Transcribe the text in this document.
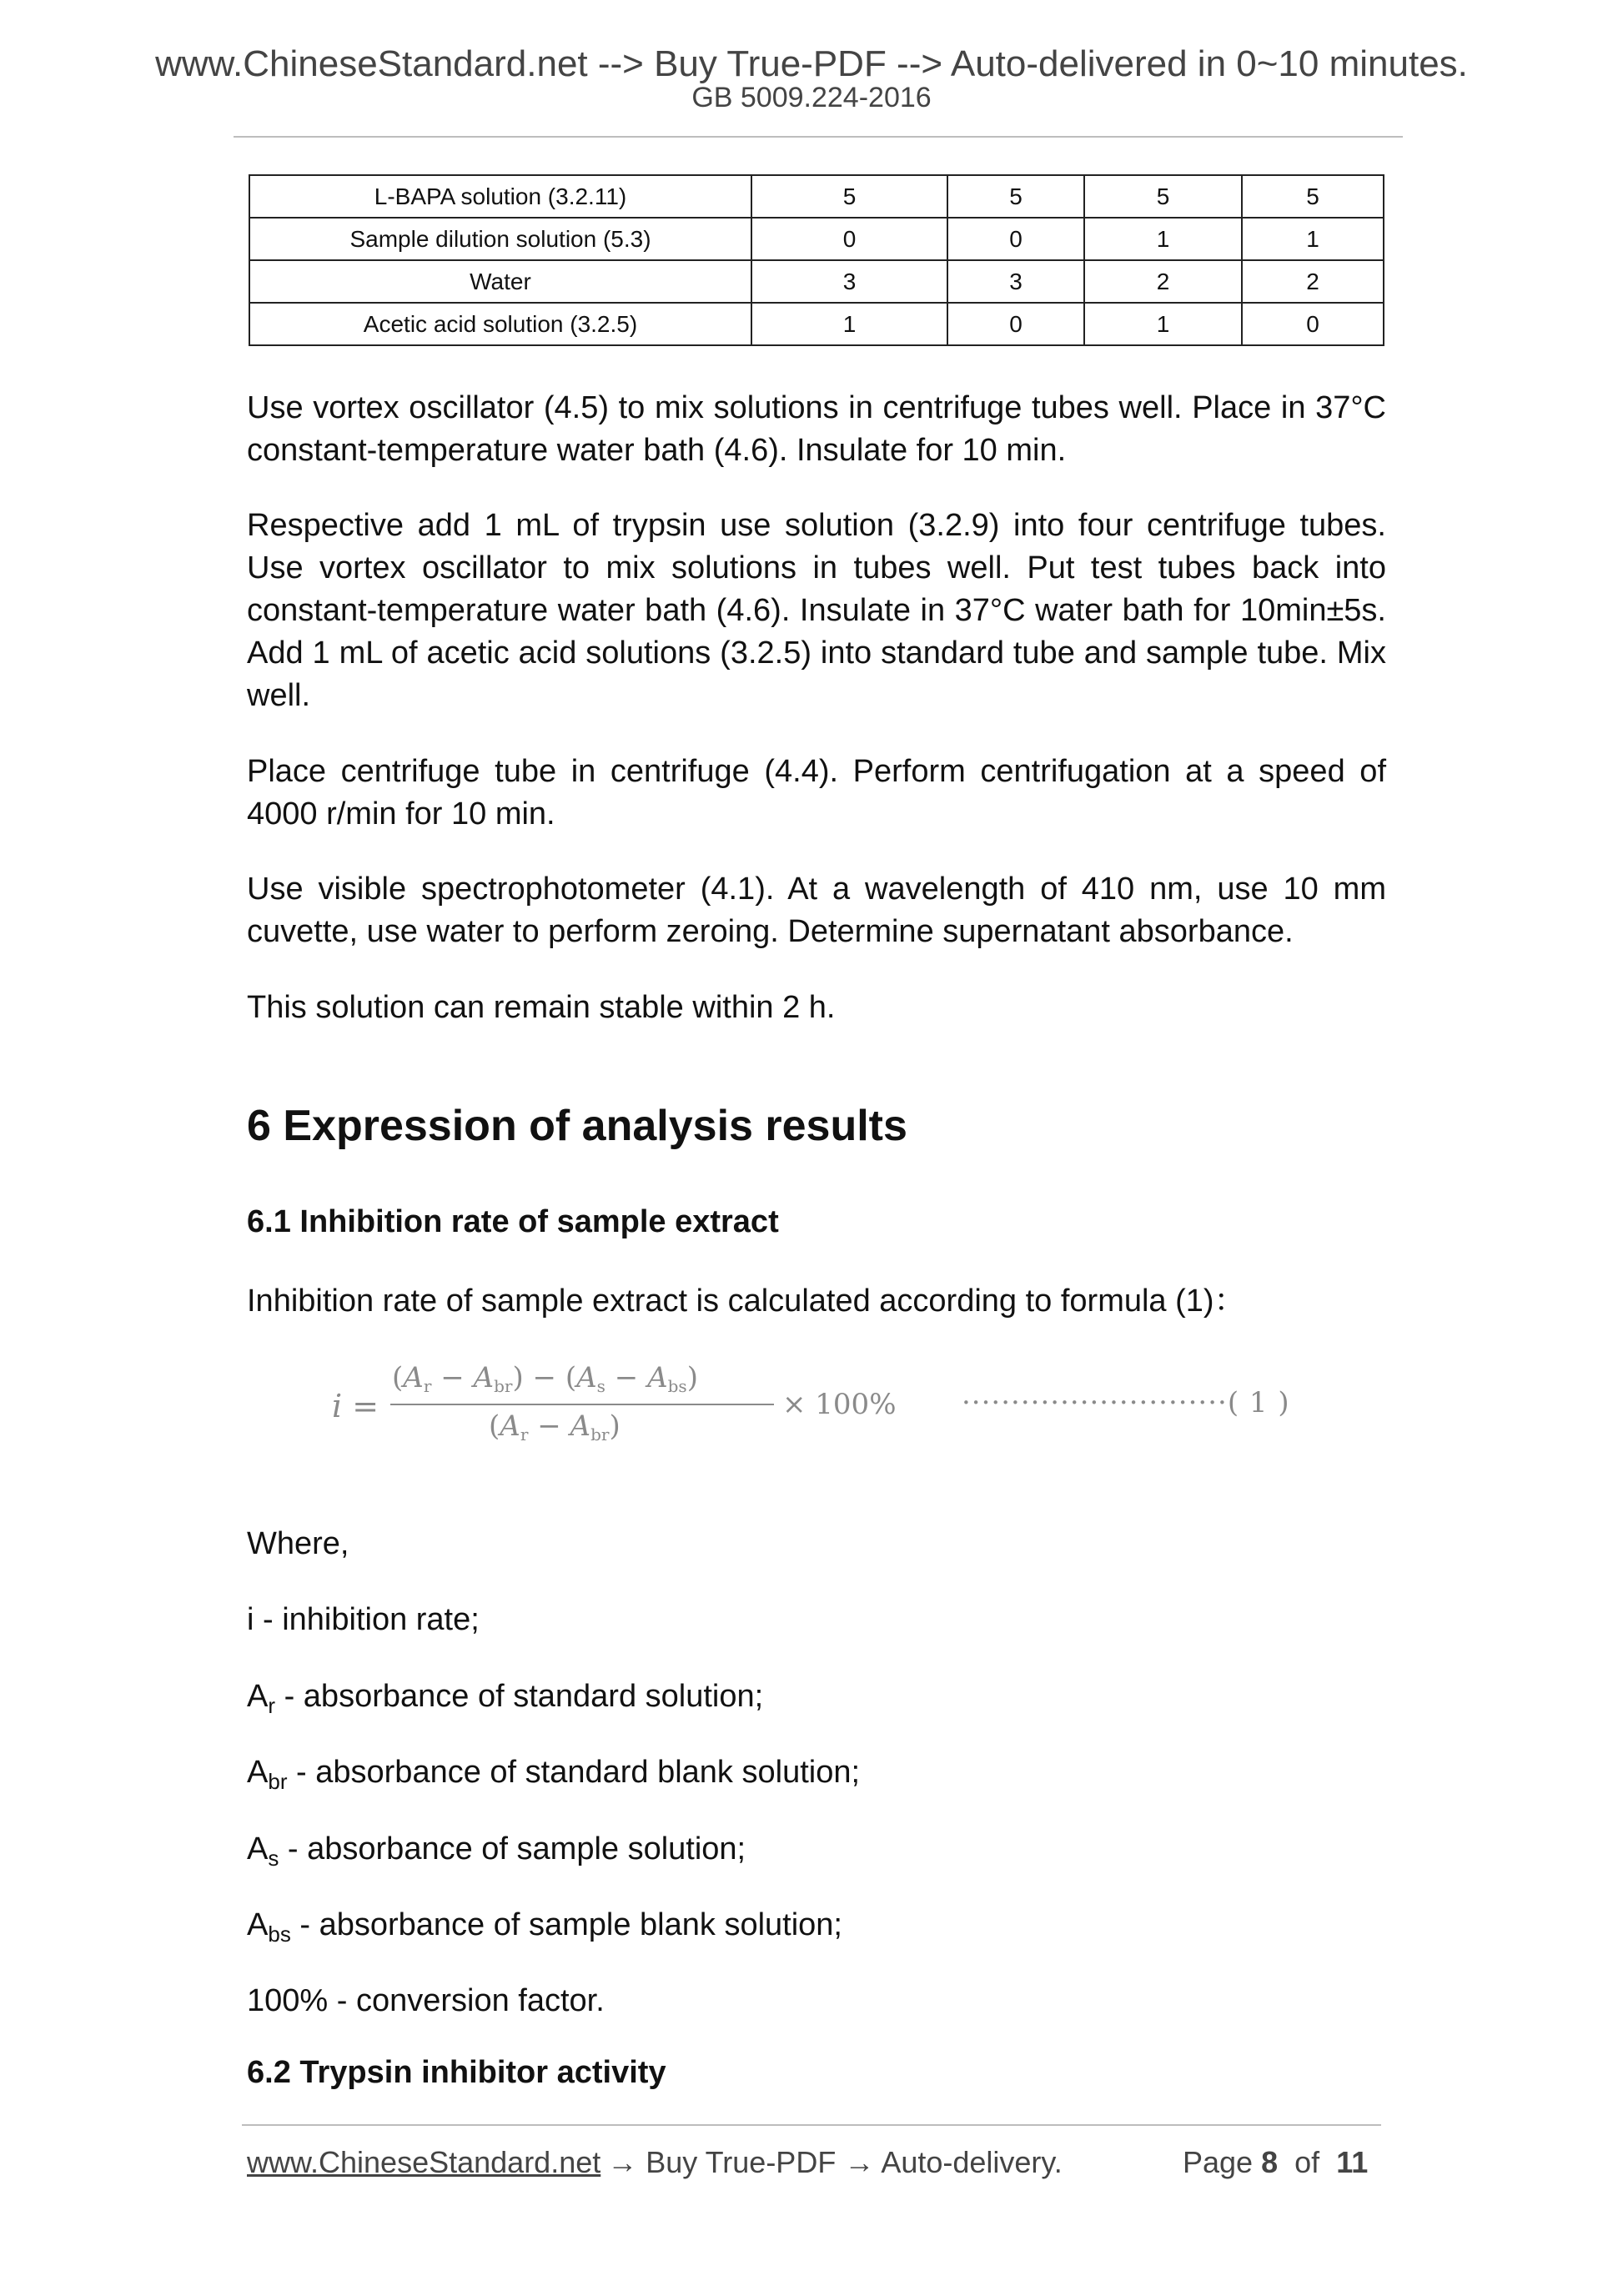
www.ChineseStandard.net --> Buy True-PDF --> Auto-delivered in 0~10 minutes.
GB 5009.224-2016
L-BAPA solution (3.2.11)	5	5	5	5
Sample dilution solution (5.3)	0	0	1	1
Water	3	3	2	2
Acetic acid solution (3.2.5)	1	0	1	0
Use vortex oscillator (4.5) to mix solutions in centrifuge tubes well. Place in 37°C constant-temperature water bath (4.6). Insulate for 10 min.
Respective add 1 mL of trypsin use solution (3.2.9) into four centrifuge tubes. Use vortex oscillator to mix solutions in tubes well. Put test tubes back into constant-temperature water bath (4.6). Insulate in 37°C water bath for 10min±5s. Add 1 mL of acetic acid solutions (3.2.5) into standard tube and sample tube. Mix well.
Place centrifuge tube in centrifuge (4.4). Perform centrifugation at a speed of 4000 r/min for 10 min.
Use visible spectrophotometer (4.1). At a wavelength of 410 nm, use 10 mm cuvette, use water to perform zeroing. Determine supernatant absorbance.
This solution can remain stable within 2 h.
6 Expression of analysis results
6.1 Inhibition rate of sample extract
Inhibition rate of sample extract is calculated according to formula (1)：
i =
$(A_r - A_{br}) - (A_s - A_{bs})$
$(A_r - A_{br})$
× 100% ···························( 1 )
Where,
i - inhibition rate;
$A_r$ - absorbance of standard solution;
$A_{br}$ - absorbance of standard blank solution;
$A_s$ - absorbance of sample solution;
$A_{bs}$ - absorbance of sample blank solution;
100% - conversion factor.
6.2 Trypsin inhibitor activity
www.ChineseStandard.net → Buy True-PDF → Auto-delivery.	Page 8 of 11
